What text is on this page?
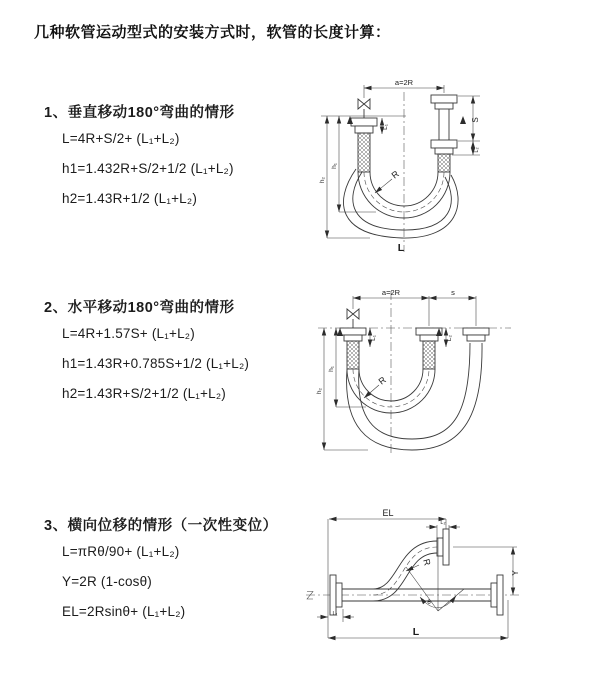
几种软管运动型式的安装方式时，软管的长度计算：
1、垂直移动180°弯曲的情形
L=4R+S/2+ (L₁+L₂)
h1=1.432R+S/2+1/2 (L₁+L₂)
h2=1.43R+1/2 (L₁+L₂)
2、水平移动180°弯曲的情形
L=4R+1.57S+ (L₁+L₂)
h1=1.43R+0.785S+1/2 (L₁+L₂)
h2=1.43R+S/2+1/2 (L₁+L₂)
3、横向位移的情形（一次性变位）
L=πRθ/90+ (L₁+L₂)
Y=2R (1-cosθ)
EL=2Rsinθ+ (L₁+L₂)
a=2R
S
L₂
L₁
h₁
h₂	R
L
a=2R	s
L₁	L₂
h₁
h₂
R
EL
L₂
Y
L
L₁
R
θ
